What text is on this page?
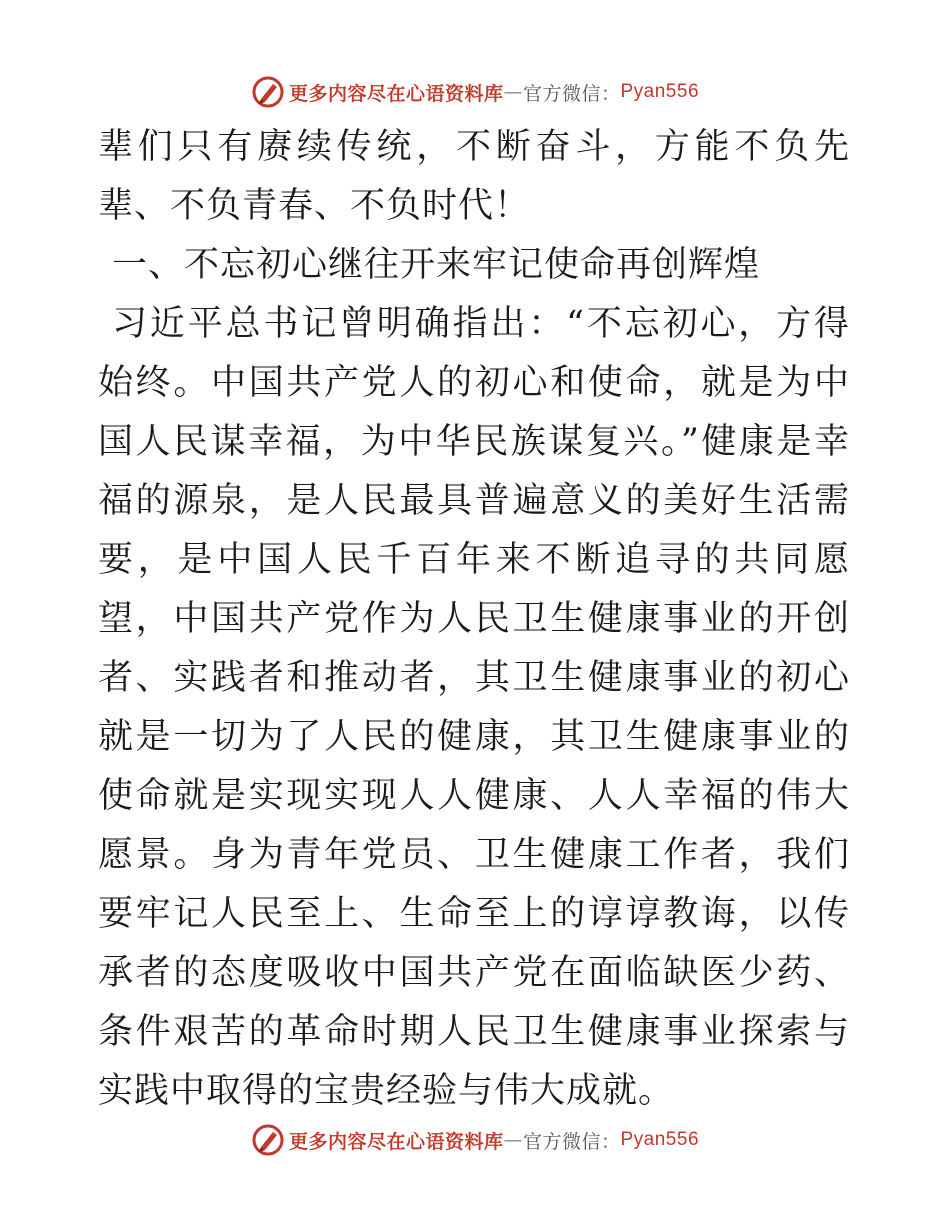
更多内容尽在心语资料库 — 官方微信： Pyan556

辈们只有赓续传统，不断奋斗，方能不负先辈、不负青春、不负时代！

一、不忘初心继往开来牢记使命再创辉煌

习近平总书记曾明确指出：“不忘初心，方得始终。中国共产党人的初心和使命，就是为中国人民谋幸福，为中华民族谋复兴。”健康是幸福的源泉，是人民最具普遍意义的美好生活需要，是中国人民千百年来不断追寻的共同愿望，中国共产党作为人民卫生健康事业的开创者、实践者和推动者，其卫生健康事业的初心就是一切为了人民的健康，其卫生健康事业的使命就是实现实现人人健康、人人幸福的伟大愿景。身为青年党员、卫生健康工作者，我们要牢记人民至上、生命至上的谆谆教诲，以传承者的态度吸收中国共产党在面临缺医少药、条件艰苦的革命时期人民卫生健康事业探索与实践中取得的宝贵经验与伟大成就。

更多内容尽在心语资料库 — 官方微信： Pyan556
